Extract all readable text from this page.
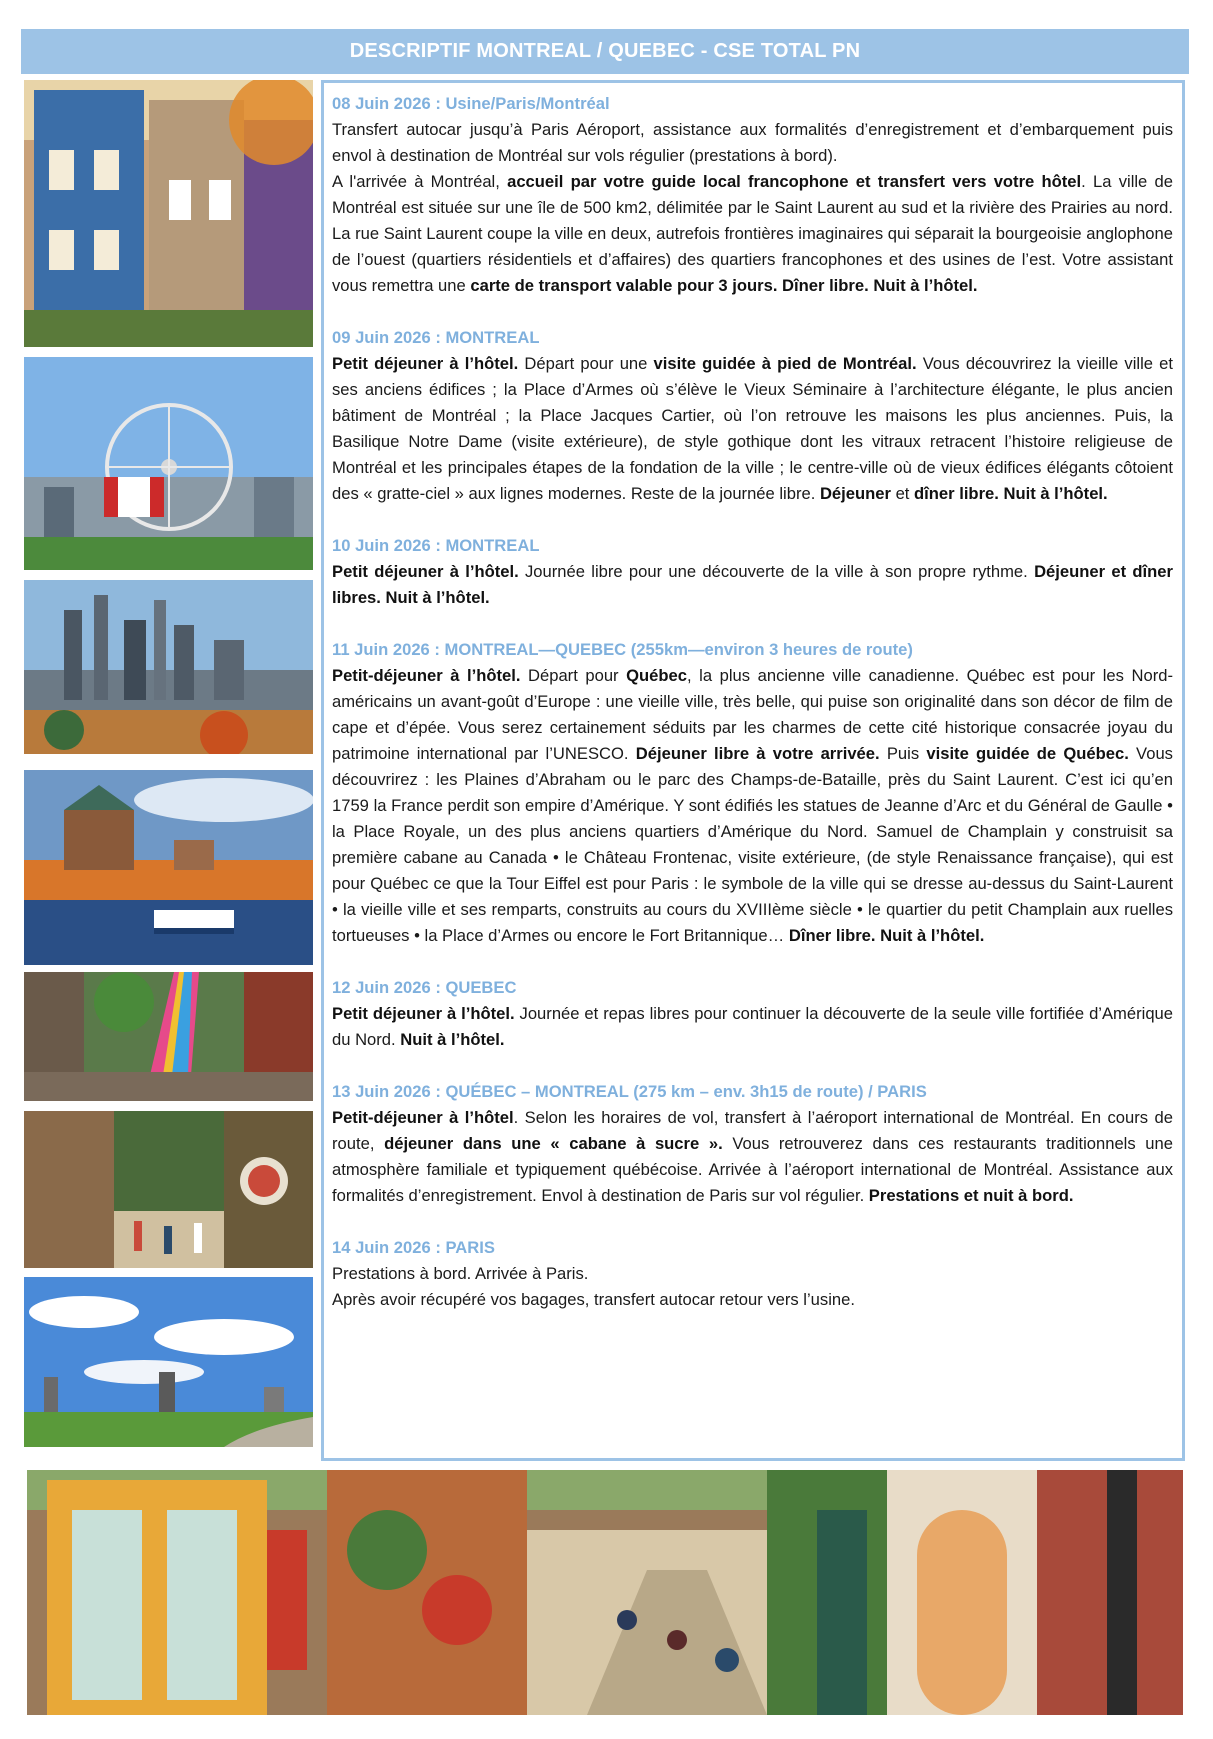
DESCRIPTIF MONTREAL / QUEBEC - CSE TOTAL PN
08 Juin 2026 : Usine/Paris/Montréal

Transfert autocar jusqu’à Paris Aéroport, assistance aux formalités d’enregistrement et d’embarquement puis envol à destination de Montréal sur vols régulier (prestations à bord).

A l'arrivée à Montréal, accueil par votre guide local francophone et transfert vers votre hôtel. La ville de Montréal est située sur une île de 500 km2, délimitée par le Saint Laurent au sud et la rivière des Prairies au nord. La rue Saint Laurent coupe la ville en deux, autrefois frontières imaginaires qui séparait la bourgeoisie anglophone de l’ouest (quartiers résidentiels et d’affaires) des quartiers francophones et des usines de l’est. Votre assistant vous remettra une carte de transport valable pour 3 jours. Dîner libre. Nuit à l’hôtel.

09 Juin 2026 : MONTREAL

Petit déjeuner à l’hôtel. Départ pour une visite guidée à pied de Montréal. Vous découvrirez la vieille ville et ses anciens édifices ; la Place d’Armes où s’élève le Vieux Séminaire à l’architecture élégante, le plus ancien bâtiment de Montréal ; la Place Jacques Cartier, où l’on retrouve les maisons les plus anciennes. Puis, la Basilique Notre Dame (visite extérieure), de style gothique dont les vitraux retracent l’histoire religieuse de Montréal et les principales étapes de la fondation de la ville ; le centre-ville où de vieux édifices élégants côtoient des « gratte-ciel » aux lignes modernes. Reste de la journée libre. Déjeuner et dîner libre. Nuit à l’hôtel.

10 Juin 2026 : MONTREAL

Petit déjeuner à l’hôtel. Journée libre pour une découverte de la ville à son propre rythme. Déjeuner et dîner libres. Nuit à l’hôtel.

11 Juin 2026 : MONTREAL—QUEBEC (255km—environ 3 heures de route)

Petit-déjeuner à l’hôtel. Départ pour Québec, la plus ancienne ville canadienne. Québec est pour les Nord-américains un avant-goût d’Europe : une vieille ville, très belle, qui puise son originalité dans son décor de film de cape et d’épée. Vous serez certainement séduits par les charmes de cette cité historique consacrée joyau du patrimoine international par l’UNESCO. Déjeuner libre à votre arrivée. Puis visite guidée de Québec. Vous découvrirez : les Plaines d’Abraham ou le parc des Champs-de-Bataille, près du Saint Laurent. C’est ici qu’en 1759 la France perdit son empire d’Amérique. Y sont édifiés les statues de Jeanne d’Arc et du Général de Gaulle • la Place Royale, un des plus anciens quartiers d’Amérique du Nord. Samuel de Champlain y construisit sa première cabane au Canada • le Château Frontenac, visite extérieure, (de style Renaissance française), qui est pour Québec ce que la Tour Eiffel est pour Paris : le symbole de la ville qui se dresse au-dessus du Saint-Laurent • la vieille ville et ses remparts, construits au cours du XVIIIème siècle • le quartier du petit Champlain aux ruelles tortueuses • la Place d’Armes ou encore le Fort Britannique… Dîner libre. Nuit à l’hôtel.

12 Juin 2026 : QUEBEC

Petit déjeuner à l’hôtel. Journée et repas libres pour continuer la découverte de la seule ville fortifiée d’Amérique du Nord. Nuit à l’hôtel.

13 Juin 2026 : QUÉBEC – MONTREAL (275 km – env. 3h15 de route) / PARIS

Petit-déjeuner à l’hôtel. Selon les horaires de vol, transfert à l’aéroport international de Montréal. En cours de route, déjeuner dans une « cabane à sucre ». Vous retrouverez dans ces restaurants traditionnels une atmosphère familiale et typiquement québécoise. Arrivée à l’aéroport international de Montréal. Assistance aux formalités d’enregistrement. Envol à destination de Paris sur vol régulier. Prestations et nuit à bord.

14 Juin 2026 : PARIS

Prestations à bord. Arrivée à Paris.

Après avoir récupéré vos bagages, transfert autocar retour vers l’usine.
